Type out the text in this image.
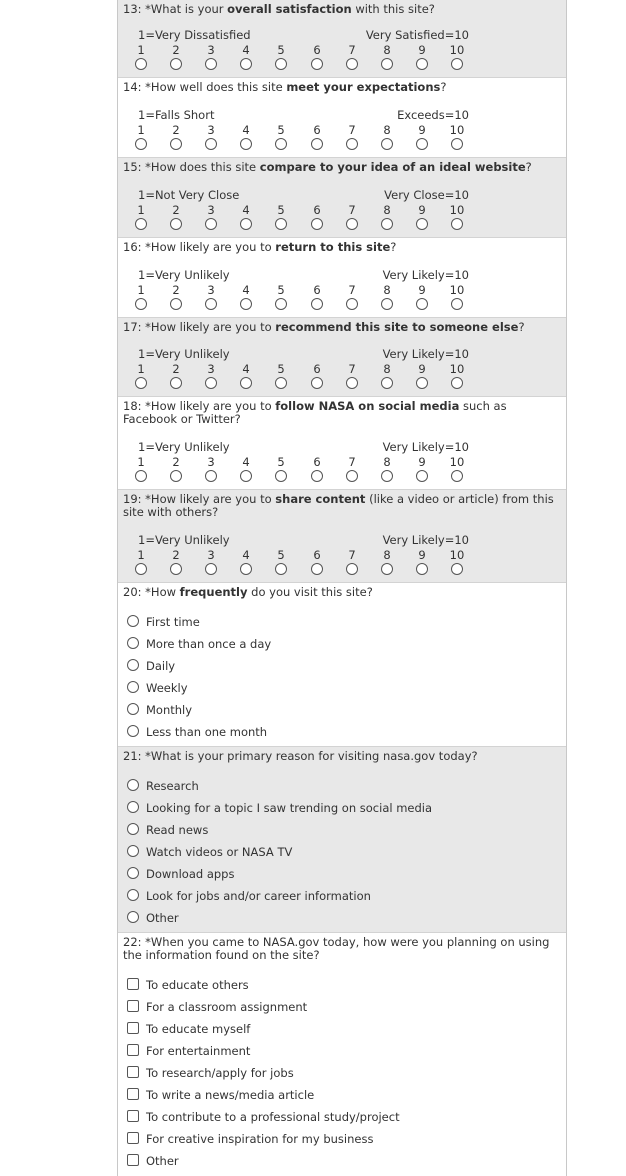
13: *What is your overall satisfaction with this site?
1=Very Dissatisfied	Very Satisfied=10
1	2	3	4	5	6	7	8	9	10
14: *How well does this site meet your expectations?
1=Falls Short	Exceeds=10
1	2	3	4	5	6	7	8	9	10
15: *How does this site compare to your idea of an ideal website?
1=Not Very Close	Very Close=10
1	2	3	4	5	6	7	8	9	10
16: *How likely are you to return to this site?
1=Very Unlikely	Very Likely=10
1	2	3	4	5	6	7	8	9	10
17: *How likely are you to recommend this site to someone else?
1=Very Unlikely	Very Likely=10
1	2	3	4	5	6	7	8	9	10
18: *How likely are you to follow NASA on social media such as Facebook or Twitter?
1=Very Unlikely	Very Likely=10
1	2	3	4	5	6	7	8	9	10
19: *How likely are you to share content (like a video or article) from this site with others?
1=Very Unlikely	Very Likely=10
1	2	3	4	5	6	7	8	9	10
20: *How frequently do you visit this site?
First time
More than once a day
Daily
Weekly
Monthly
Less than one month
21: *What is your primary reason for visiting nasa.gov today?
Research
Looking for a topic I saw trending on social media
Read news
Watch videos or NASA TV
Download apps
Look for jobs and/or career information
Other
22: *When you came to NASA.gov today, how were you planning on using the information found on the site?
To educate others
For a classroom assignment
To educate myself
For entertainment
To research/apply for jobs
To write a news/media article
To contribute to a professional study/project
For creative inspiration for my business
Other
